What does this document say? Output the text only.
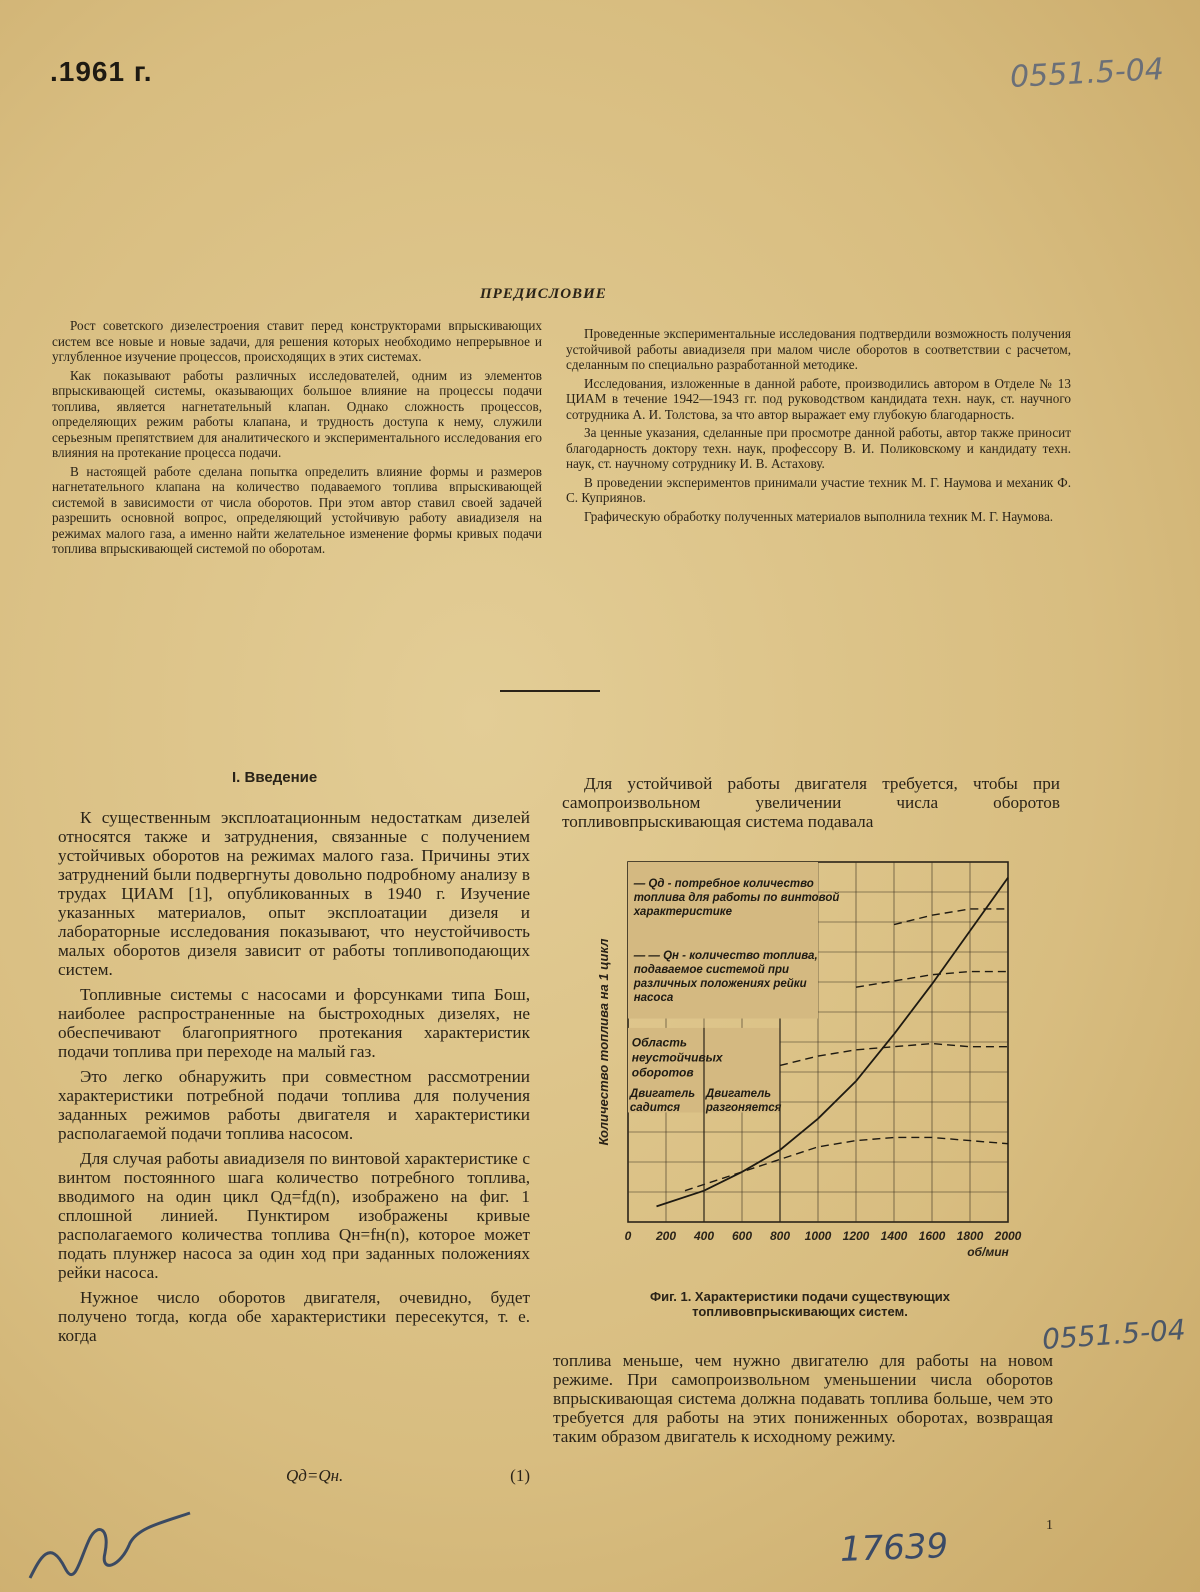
.1961 г.	0551.5-04
ПРЕДИСЛОВИЕ

Рост советского дизелестроения ставит перед конструкторами впрыскивающих систем все новые и новые задачи, для решения которых необходимо непрерывное и углубленное изучение процессов, происходящих в этих системах.

Как показывают работы различных исследователей, одним из элементов впрыскивающей системы, оказывающих большое влияние на процессы подачи топлива, является нагнетательный клапан. Однако сложность процессов, определяющих режим работы клапана, и трудность доступа к нему, служили серьезным препятствием для аналитического и экспериментального исследования его влияния на протекание процесса подачи.

В настоящей работе сделана попытка определить влияние формы и размеров нагнетательного клапана на количество подаваемого топлива впрыскивающей системой в зависимости от числа оборотов. При этом автор ставил своей задачей разрешить основной вопрос, определяющий устойчивую работу авиадизеля на режимах малого газа, а именно найти желательное изменение формы кривых подачи топлива впрыскивающей системой по оборотам.

Проведенные экспериментальные исследования подтвердили возможность получения устойчивой работы авиадизеля при малом числе оборотов в соответствии с расчетом, сделанным по специально разработанной методике.

Исследования, изложенные в данной работе, производились автором в Отделе № 13 ЦИАМ в течение 1942—1943 гг. под руководством кандидата техн. наук, ст. научного сотрудника А. И. Толстова, за что автор выражает ему глубокую благодарность.

За ценные указания, сделанные при просмотре данной работы, автор также приносит благодарность доктору техн. наук, профессору В. И. Поликовскому и кандидату техн. наук, ст. научному сотруднику И. В. Астахову.

В проведении экспериментов принимали участие техник М. Г. Наумова и механик Ф. С. Куприянов.

Графическую обработку полученных материалов выполнила техник М. Г. Наумова.

I. Введение

К существенным эксплоатационным недостаткам дизелей относятся также и затруднения, связанные с получением устойчивых оборотов на режимах малого газа. Причины этих затруднений были подвергнуты довольно подробному анализу в трудах ЦИАМ [1], опубликованных в 1940 г. Изучение указанных материалов, опыт эксплоатации дизеля и лабораторные исследования показывают, что неустойчивость малых оборотов дизеля зависит от работы топливоподающих систем.

Топливные системы с насосами и форсунками типа Бош, наиболее распространенные на быстроходных дизелях, не обеспечивают благоприятного протекания характеристик подачи топлива при переходе на малый газ.

Это легко обнаружить при совместном рассмотрении характеристики потребной подачи топлива для получения заданных режимов работы двигателя и характеристики располагаемой подачи топлива насосом.

Для случая работы авиадизеля по винтовой характеристике с винтом постоянного шага количество потребного топлива, вводимого на один цикл Qд=fд(n), изображено на фиг. 1 сплошной линией. Пунктиром изображены кривые располагаемого количества топлива Qн=fн(n), которое может подать плунжер насоса за один ход при заданных положениях рейки насоса.

Нужное число оборотов двигателя, очевидно, будет получено тогда, когда обе характеристики пересекутся, т. е. когда

Qд=Qн.	(1)

Для устойчивой работы двигателя требуется, чтобы при самопроизвольном увеличении числа оборотов топливовпрыскивающая система подавала

0 200 400 600 800 1000 1200 1400 1600 1800 2000
об/мин
Количество топлива на 1 цикл
— Qд - потребное количество топлива для работы по винтовой характеристике
— — Qн - количество топлива, подаваемое системой при различных положениях рейки насоса
Область неустойчивых оборотов
Двигатель садится
Двигатель разгоняется
Фиг. 1. Характеристики подачи существующих
топливовпрыскивающих систем.
0551.5-04

топлива меньше, чем нужно двигателю для работы на новом режиме. При самопроизвольном уменьшении числа оборотов впрыскивающая система должна подавать топлива больше, чем это требуется для работы на этих пониженных оборотах, возвращая таким образом двигатель к исходному режиму.

17639
1
